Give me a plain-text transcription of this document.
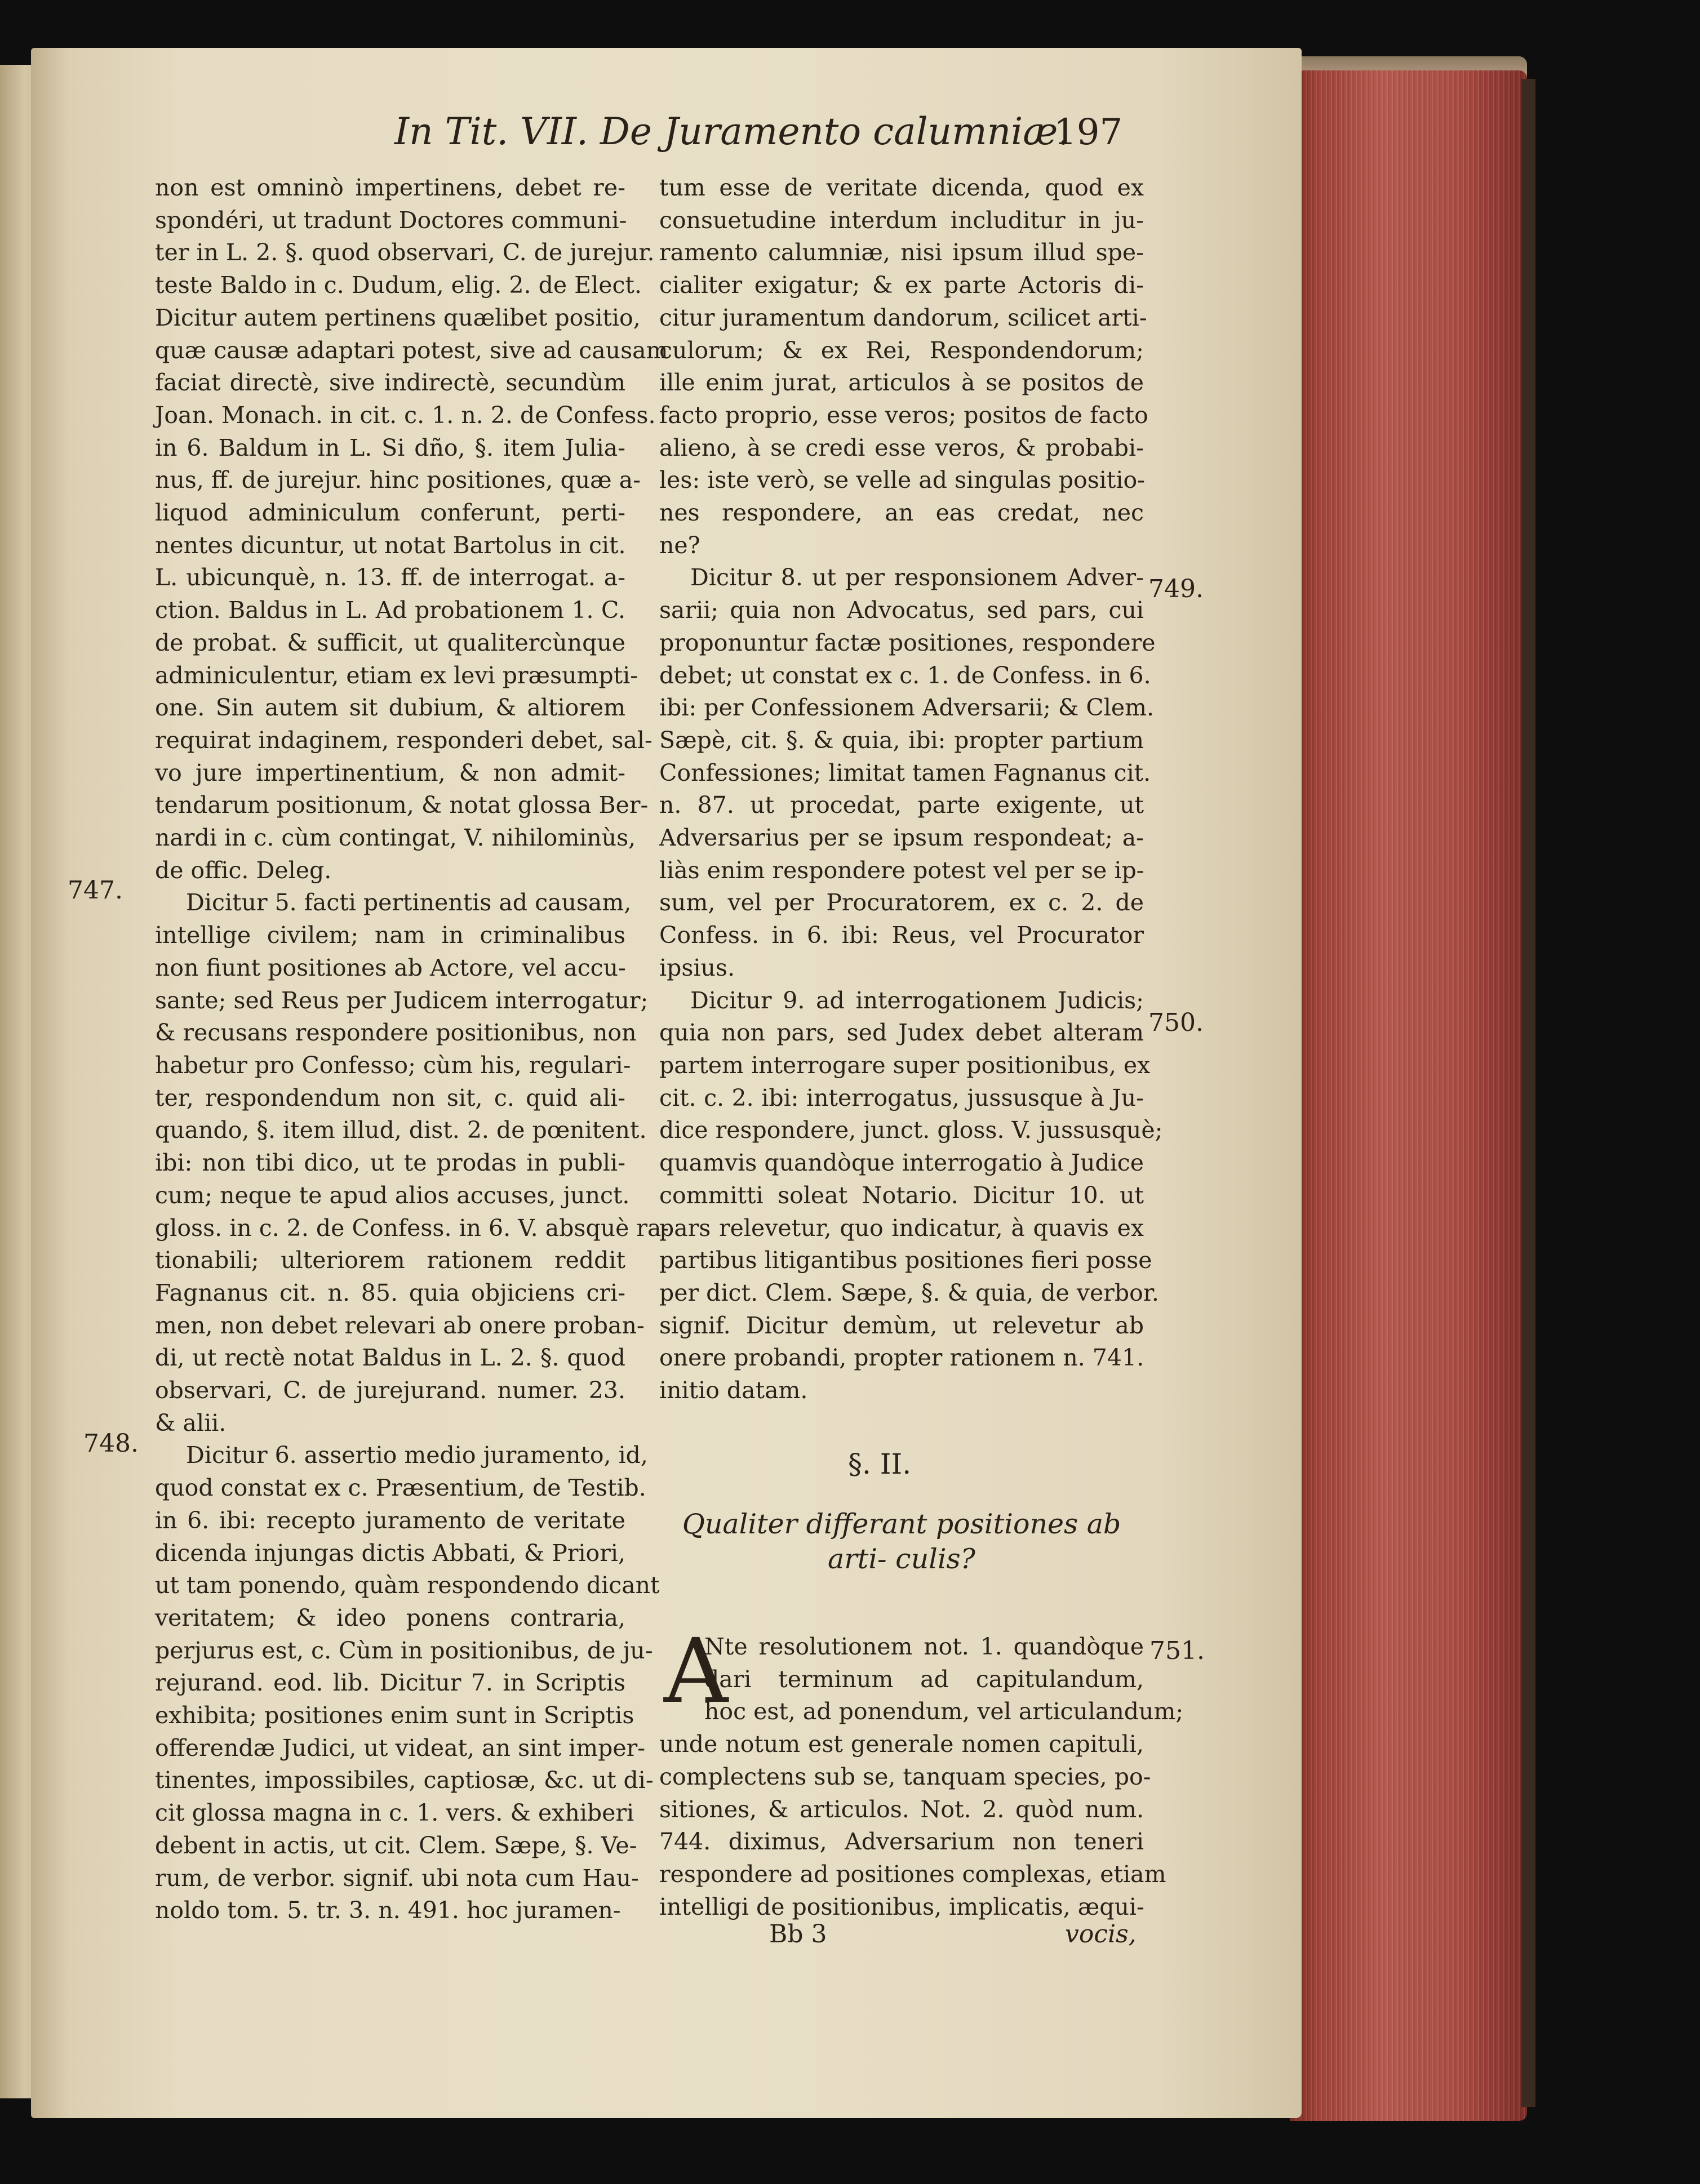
In Tit. VII. De Juramento calumniæ.
197
non est omninò impertinens, debet re-
spondéri, ut tradunt Doctores communi-
ter in L. 2. §. quod observari, C. de jurejur.
teste Baldo in c. Dudum, elig. 2. de Elect.
Dicitur autem pertinens quælibet positio,
quæ causæ adaptari potest, sive ad causam
faciat directè, sive indirectè, secundùm
Joan. Monach. in cit. c. 1. n. 2. de Confess.
in 6. Baldum in L. Si dño, §. item Julia-
nus, ff. de jurejur. hinc positiones, quæ a-
liquod adminiculum conferunt, perti-
nentes dicuntur, ut notat Bartolus in cit.
L. ubicunquè, n. 13. ff. de interrogat. a-
ction. Baldus in L. Ad probationem 1. C.
de probat. & sufficit, ut qualitercùnque
adminiculentur, etiam ex levi præsumpti-
one. Sin autem sit dubium, & altiorem
requirat indaginem, responderi debet, sal-
vo jure impertinentium, & non admit-
tendarum positionum, & notat glossa Ber-
nardi in c. cùm contingat, V. nihilominùs,
de offic. Deleg.
Dicitur 5. facti pertinentis ad causam,
intellige civilem; nam in criminalibus
non fiunt positiones ab Actore, vel accu-
sante; sed Reus per Judicem interrogatur;
& recusans respondere positionibus, non
habetur pro Confesso; cùm his, regulari-
ter, respondendum non sit, c. quid ali-
quando, §. item illud, dist. 2. de pœnitent.
ibi: non tibi dico, ut te prodas in publi-
cum; neque te apud alios accuses, junct.
gloss. in c. 2. de Confess. in 6. V. absquè ra-
tionabili; ulteriorem rationem reddit
Fagnanus cit. n. 85. quia objiciens cri-
men, non debet relevari ab onere proban-
di, ut rectè notat Baldus in L. 2. §. quod
observari, C. de jurejurand. numer. 23.
& alii.
Dicitur 6. assertio medio juramento, id,
quod constat ex c. Præsentium, de Testib.
in 6. ibi: recepto juramento de veritate
dicenda injungas dictis Abbati, & Priori,
ut tam ponendo, quàm respondendo dicant
veritatem; & ideo ponens contraria,
perjurus est, c. Cùm in positionibus, de ju-
rejurand. eod. lib. Dicitur 7. in Scriptis
exhibita; positiones enim sunt in Scriptis
offerendæ Judici, ut videat, an sint imper-
tinentes, impossibiles, captiosæ, &c. ut di-
cit glossa magna in c. 1. vers. & exhiberi
debent in actis, ut cit. Clem. Sæpe, §. Ve-
rum, de verbor. signif. ubi nota cum Hau-
noldo tom. 5. tr. 3. n. 491. hoc juramen-
tum esse de veritate dicenda, quod ex
consuetudine interdum includitur in ju-
ramento calumniæ, nisi ipsum illud spe-
cialiter exigatur; & ex parte Actoris di-
citur juramentum dandorum, scilicet arti-
culorum; & ex Rei, Respondendorum;
ille enim jurat, articulos à se positos de
facto proprio, esse veros; positos de facto
alieno, à se credi esse veros, & probabi-
les: iste verò, se velle ad singulas positio-
nes respondere, an eas credat, nec
ne?
Dicitur 8. ut per responsionem Adver-
sarii; quia non Advocatus, sed pars, cui
proponuntur factæ positiones, respondere
debet; ut constat ex c. 1. de Confess. in 6.
ibi: per Confessionem Adversarii; & Clem.
Sæpè, cit. §. & quia, ibi: propter partium
Confessiones; limitat tamen Fagnanus cit.
n. 87. ut procedat, parte exigente, ut
Adversarius per se ipsum respondeat; a-
liàs enim respondere potest vel per se ip-
sum, vel per Procuratorem, ex c. 2. de
Confess. in 6. ibi: Reus, vel Procurator
ipsius.
Dicitur 9. ad interrogationem Judicis;
quia non pars, sed Judex debet alteram
partem interrogare super positionibus, ex
cit. c. 2. ibi: interrogatus, jussusque à Ju-
dice respondere, junct. gloss. V. jussusquè;
quamvis quandòque interrogatio à Judice
committi soleat Notario. Dicitur 10. ut
pars relevetur, quo indicatur, à quavis ex
partibus litigantibus positiones fieri posse
per dict. Clem. Sæpe, §. & quia, de verbor.
signif. Dicitur demùm, ut relevetur ab
onere probandi, propter rationem n. 741.
initio datam.
747.
748.
749.
750.
751.
§. II.
Qualiter differant positiones ab arti- culis?
A
Nte resolutionem not. 1. quandòque
dari terminum ad capitulandum,
hoc est, ad ponendum, vel articulandum;
unde notum est generale nomen capituli,
complectens sub se, tanquam species, po-
sitiones, & articulos. Not. 2. quòd num.
744. diximus, Adversarium non teneri
respondere ad positiones complexas, etiam
intelligi de positionibus, implicatis, æqui-
Bb 3	vocis,
